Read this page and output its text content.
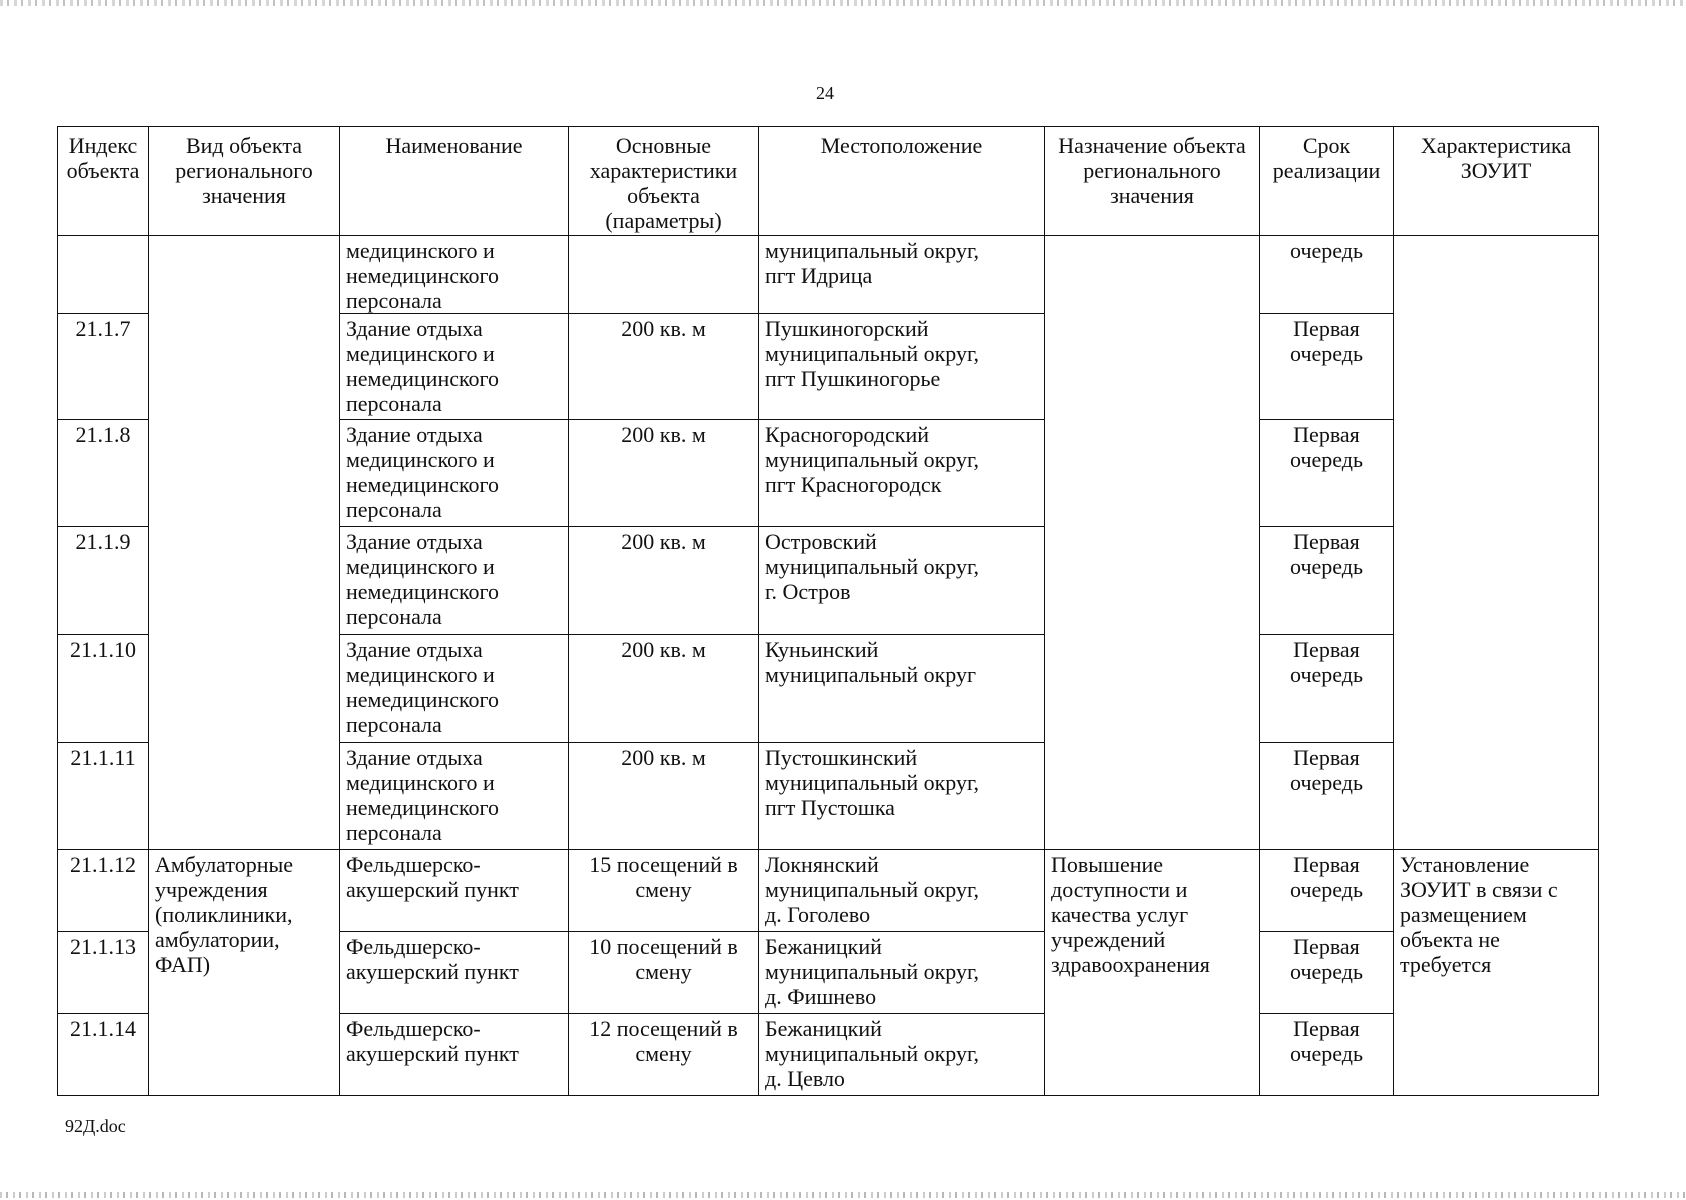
24
Индекс объекта	Вид объекта регионального значения	Наименование	Основные характеристики объекта (параметры)	Местоположение	Назначение объекта регионального значения	Срок реализации	Характеристика ЗОУИТ
		медицинского и
немедицинского
персонала		муниципальный округ,
пгт Идрица		очередь	
21.1.7		Здание отдыха
медицинского и
немедицинского
персонала	200 кв. м	Пушкиногорский
муниципальный округ,
пгт Пушкиногорье		Первая
очередь	
21.1.8		Здание отдыха
медицинского и
немедицинского
персонала	200 кв. м	Красногородский
муниципальный округ,
пгт Красногородск		Первая
очередь	
21.1.9		Здание отдыха
медицинского и
немедицинского
персонала	200 кв. м	Островский
муниципальный округ,
г. Остров		Первая
очередь	
21.1.10		Здание отдыха
медицинского и
немедицинского
персонала	200 кв. м	Куньинский
муниципальный округ		Первая
очередь	
21.1.11		Здание отдыха
медицинского и
немедицинского
персонала	200 кв. м	Пустошкинский
муниципальный округ,
пгт Пустошка		Первая
очередь	
21.1.12	Амбулаторные
учреждения
(поликлиники,
амбулатории,
ФАП)	Фельдшерско-
акушерский пункт	15 посещений в
смену	Локнянский
муниципальный округ,
д. Гоголево	Повышение
доступности и
качества услуг
учреждений
здравоохранения	Первая
очередь	Установление
ЗОУИТ в связи с
размещением
объекта не
требуется
21.1.13		Фельдшерско-
акушерский пункт	10 посещений в
смену	Бежаницкий
муниципальный округ,
д. Фишнево		Первая
очередь	
21.1.14		Фельдшерско-
акушерский пункт	12 посещений в
смену	Бежаницкий
муниципальный округ,
д. Цевло		Первая
очередь	
92Д.doc
